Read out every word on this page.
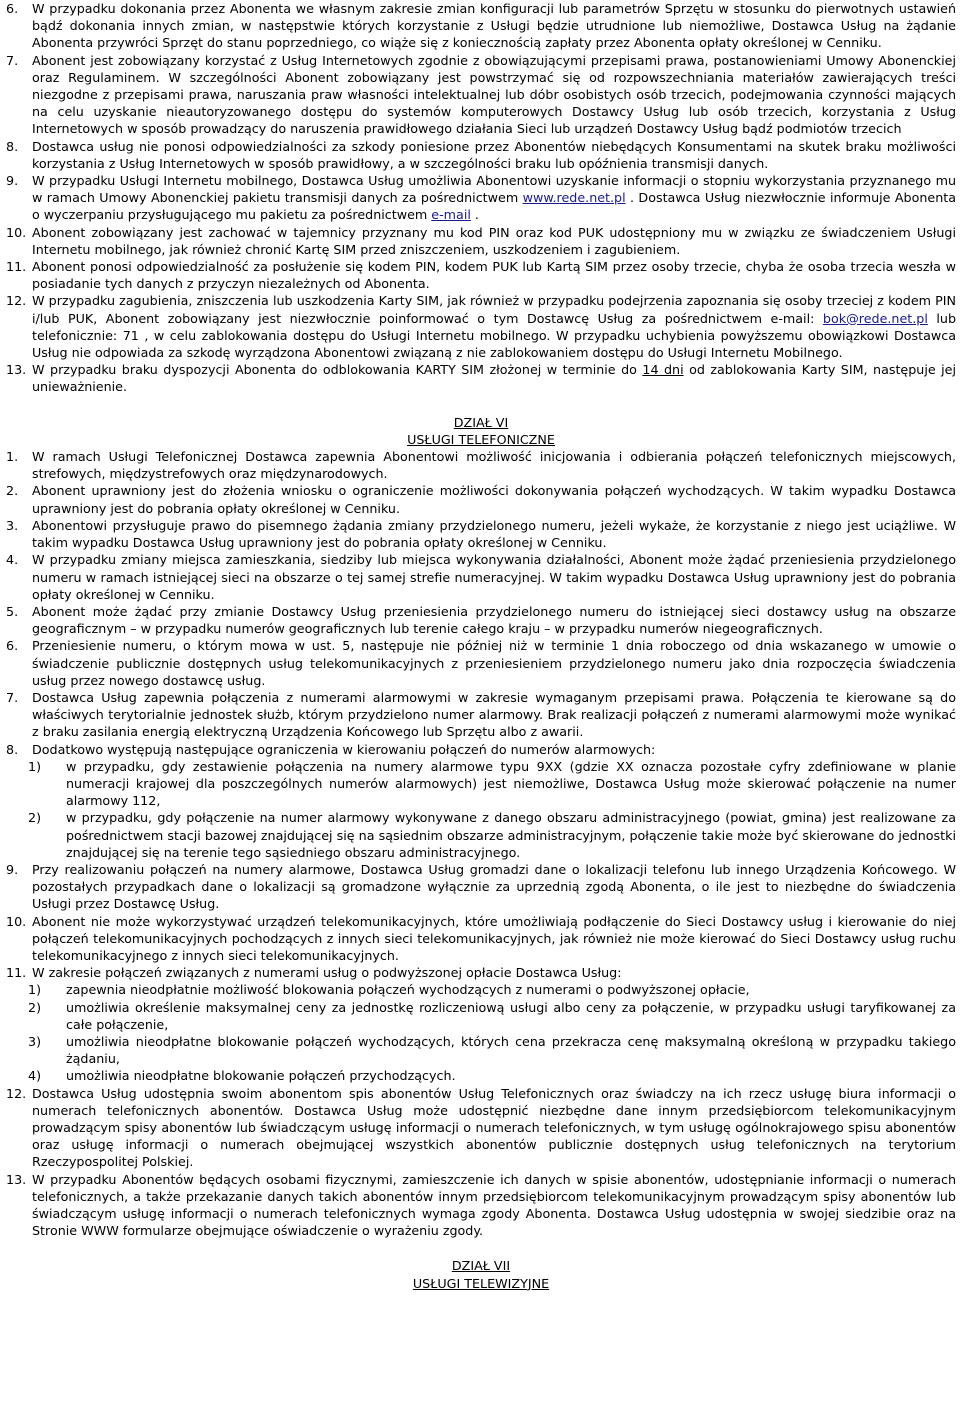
6.	W przypadku dokonania przez Abonenta we własnym zakresie zmian konfiguracji lub parametrów Sprzętu w stosunku do pierwotnych ustawień bądź dokonania innych zmian, w następstwie których korzystanie z Usługi będzie utrudnione lub niemożliwe, Dostawca Usług na żądanie Abonenta przywróci Sprzęt do stanu poprzedniego, co wiąże się z koniecznością zapłaty przez Abonenta opłaty określonej w Cenniku.
7.	Abonent jest zobowiązany korzystać z Usług Internetowych zgodnie z obowiązującymi przepisami prawa, postanowieniami Umowy Abonenckiej oraz Regulaminem. W szczególności Abonent zobowiązany jest powstrzymać się od rozpowszechniania materiałów zawierających treści niezgodne z przepisami prawa, naruszania praw własności intelektualnej lub dóbr osobistych osób trzecich, podejmowania czynności mających na celu uzyskanie nieautoryzowanego dostępu do systemów komputerowych Dostawcy Usług lub osób trzecich, korzystania z Usług Internetowych w sposób prowadzący do naruszenia prawidłowego działania Sieci lub urządzeń Dostawcy Usług bądź podmiotów trzecich
8.	Dostawca usług nie ponosi odpowiedzialności za szkody poniesione przez Abonentów niebędących Konsumentami na skutek braku możliwości korzystania z Usług Internetowych w sposób prawidłowy, a w szczególności braku lub opóźnienia transmisji danych.
9.	W przypadku Usługi Internetu mobilnego, Dostawca Usług umożliwia Abonentowi uzyskanie informacji o stopniu wykorzystania przyznanego mu w ramach Umowy Abonenckiej pakietu transmisji danych za pośrednictwem www.rede.net.pl . Dostawca Usług niezwłocznie informuje Abonenta o wyczerpaniu przysługującego mu pakietu za pośrednictwem e-mail .
10. Abonent zobowiązany jest zachować w tajemnicy przyznany mu kod PIN oraz kod PUK udostępniony mu w związku ze świadczeniem Usługi Internetu mobilnego, jak również chronić Kartę SIM przed zniszczeniem, uszkodzeniem i zagubieniem.
11. Abonent ponosi odpowiedzialność za posłużenie się kodem PIN, kodem PUK lub Kartą SIM przez osoby trzecie, chyba że osoba trzecia weszła w posiadanie tych danych z przyczyn niezależnych od Abonenta.
12. W przypadku zagubienia, zniszczenia lub uszkodzenia Karty SIM, jak również w przypadku podejrzenia zapoznania się osoby trzeciej z kodem PIN i/lub PUK, Abonent zobowiązany jest niezwłocznie poinformować o tym Dostawcę Usług za pośrednictwem e-mail: bok@rede.net.pl lub telefonicznie: 71 , w celu zablokowania dostępu do Usługi Internetu mobilnego. W przypadku uchybienia powyższemu obowiązkowi Dostawca Usług nie odpowiada za szkodę wyrządzona Abonentowi związaną z nie zablokowaniem dostępu do Usługi Internetu Mobilnego.
13. W przypadku braku dyspozycji Abonenta do odblokowania KARTY SIM złożonej w terminie do 14 dni od zablokowania Karty SIM, następuje jej unieważnienie.
DZIAŁ VI
USŁUGI TELEFONICZNE
1.	W ramach Usługi Telefonicznej Dostawca zapewnia Abonentowi możliwość inicjowania i odbierania połączeń telefonicznych miejscowych, strefowych, międzystrefowych oraz międzynarodowych.
2.	Abonent uprawniony jest do złożenia wniosku o ograniczenie możliwości dokonywania połączeń wychodzących. W takim wypadku Dostawca uprawniony jest do pobrania opłaty określonej w Cenniku.
3.	Abonentowi przysługuje prawo do pisemnego żądania zmiany przydzielonego numeru, jeżeli wykaże, że korzystanie z niego jest uciążliwe. W takim wypadku Dostawca Usług uprawniony jest do pobrania opłaty określonej w Cenniku.
4.	W przypadku zmiany miejsca zamieszkania, siedziby lub miejsca wykonywania działalności, Abonent może żądać przeniesienia przydzielonego numeru w ramach istniejącej sieci na obszarze o tej samej strefie numeracyjnej. W takim wypadku Dostawca Usług uprawniony jest do pobrania opłaty określonej w Cenniku.
5.	Abonent może żądać przy zmianie Dostawcy Usług przeniesienia przydzielonego numeru do istniejącej sieci dostawcy usług na obszarze geograficznym – w przypadku numerów geograficznych lub terenie całego kraju – w przypadku numerów niegeograficznych.
6.	Przeniesienie numeru, o którym mowa w ust. 5, następuje nie później niż w terminie 1 dnia roboczego od dnia wskazanego w umowie o świadczenie publicznie dostępnych usług telekomunikacyjnych z przeniesieniem przydzielonego numeru jako dnia rozpoczęcia świadczenia usług przez nowego dostawcę usług.
7.	Dostawca Usług zapewnia połączenia z numerami alarmowymi w zakresie wymaganym przepisami prawa. Połączenia te kierowane są do właściwych terytorialnie jednostek służb, którym przydzielono numer alarmowy. Brak realizacji połączeń z numerami alarmowymi może wynikać z braku zasilania energią elektryczną Urządzenia Końcowego lub Sprzętu albo z awarii.
8.	Dodatkowo występują następujące ograniczenia w kierowaniu połączeń do numerów alarmowych:
1)	w przypadku, gdy zestawienie połączenia na numery alarmowe typu 9XX (gdzie XX oznacza pozostałe cyfry zdefiniowane w planie numeracji krajowej dla poszczególnych numerów alarmowych) jest niemożliwe, Dostawca Usług może skierować połączenie na numer alarmowy 112,
2)	w przypadku, gdy połączenie na numer alarmowy wykonywane z danego obszaru administracyjnego (powiat, gmina) jest realizowane za pośrednictwem stacji bazowej znajdującej się na sąsiednim obszarze administracyjnym, połączenie takie może być skierowane do jednostki znajdującej się na terenie tego sąsiedniego obszaru administracyjnego.
9.	Przy realizowaniu połączeń na numery alarmowe, Dostawca Usług gromadzi dane o lokalizacji telefonu lub innego Urządzenia Końcowego. W pozostałych przypadkach dane o lokalizacji są gromadzone wyłącznie za uprzednią zgodą Abonenta, o ile jest to niezbędne do świadczenia Usługi przez Dostawcę Usług.
10. Abonent nie może wykorzystywać urządzeń telekomunikacyjnych, które umożliwiają podłączenie do Sieci Dostawcy usług i kierowanie do niej połączeń telekomunikacyjnych pochodzących z innych sieci telekomunikacyjnych, jak również nie może kierować do Sieci Dostawcy usług ruchu telekomunikacyjnego z innych sieci telekomunikacyjnych.
11. W zakresie połączeń związanych z numerami usług o podwyższonej opłacie Dostawca Usług:
1)	zapewnia nieodpłatnie możliwość blokowania połączeń wychodzących z numerami o podwyższonej opłacie,
2)	umożliwia określenie maksymalnej ceny za jednostkę rozliczeniową usługi albo ceny za połączenie, w przypadku usługi taryfikowanej za całe połączenie,
3)	umożliwia nieodpłatne blokowanie połączeń wychodzących, których cena przekracza cenę maksymalną określoną w przypadku takiego żądaniu,
4)	umożliwia nieodpłatne blokowanie połączeń przychodzących.
12. Dostawca Usług udostępnia swoim abonentom spis abonentów Usług Telefonicznych oraz świadczy na ich rzecz usługę biura informacji o numerach telefonicznych abonentów. Dostawca Usług może udostępnić niezbędne dane innym przedsiębiorcom telekomunikacyjnym prowadzącym spisy abonentów lub świadczącym usługę informacji o numerach telefonicznych, w tym usługę ogólnokrajowego spisu abonentów oraz usługę informacji o numerach obejmującej wszystkich abonentów publicznie dostępnych usług telefonicznych na terytorium Rzeczypospolitej Polskiej.
13. W przypadku Abonentów będących osobami fizycznymi, zamieszczenie ich danych w spisie abonentów, udostępnianie informacji o numerach telefonicznych, a także przekazanie danych takich abonentów innym przedsiębiorcom telekomunikacyjnym prowadzącym spisy abonentów lub świadczącym usługę informacji o numerach telefonicznych wymaga zgody Abonenta. Dostawca Usług udostępnia w swojej siedzibie oraz na Stronie WWW formularze obejmujące oświadczenie o wyrażeniu zgody.
DZIAŁ VII
USŁUGI TELEWIZYJNE
